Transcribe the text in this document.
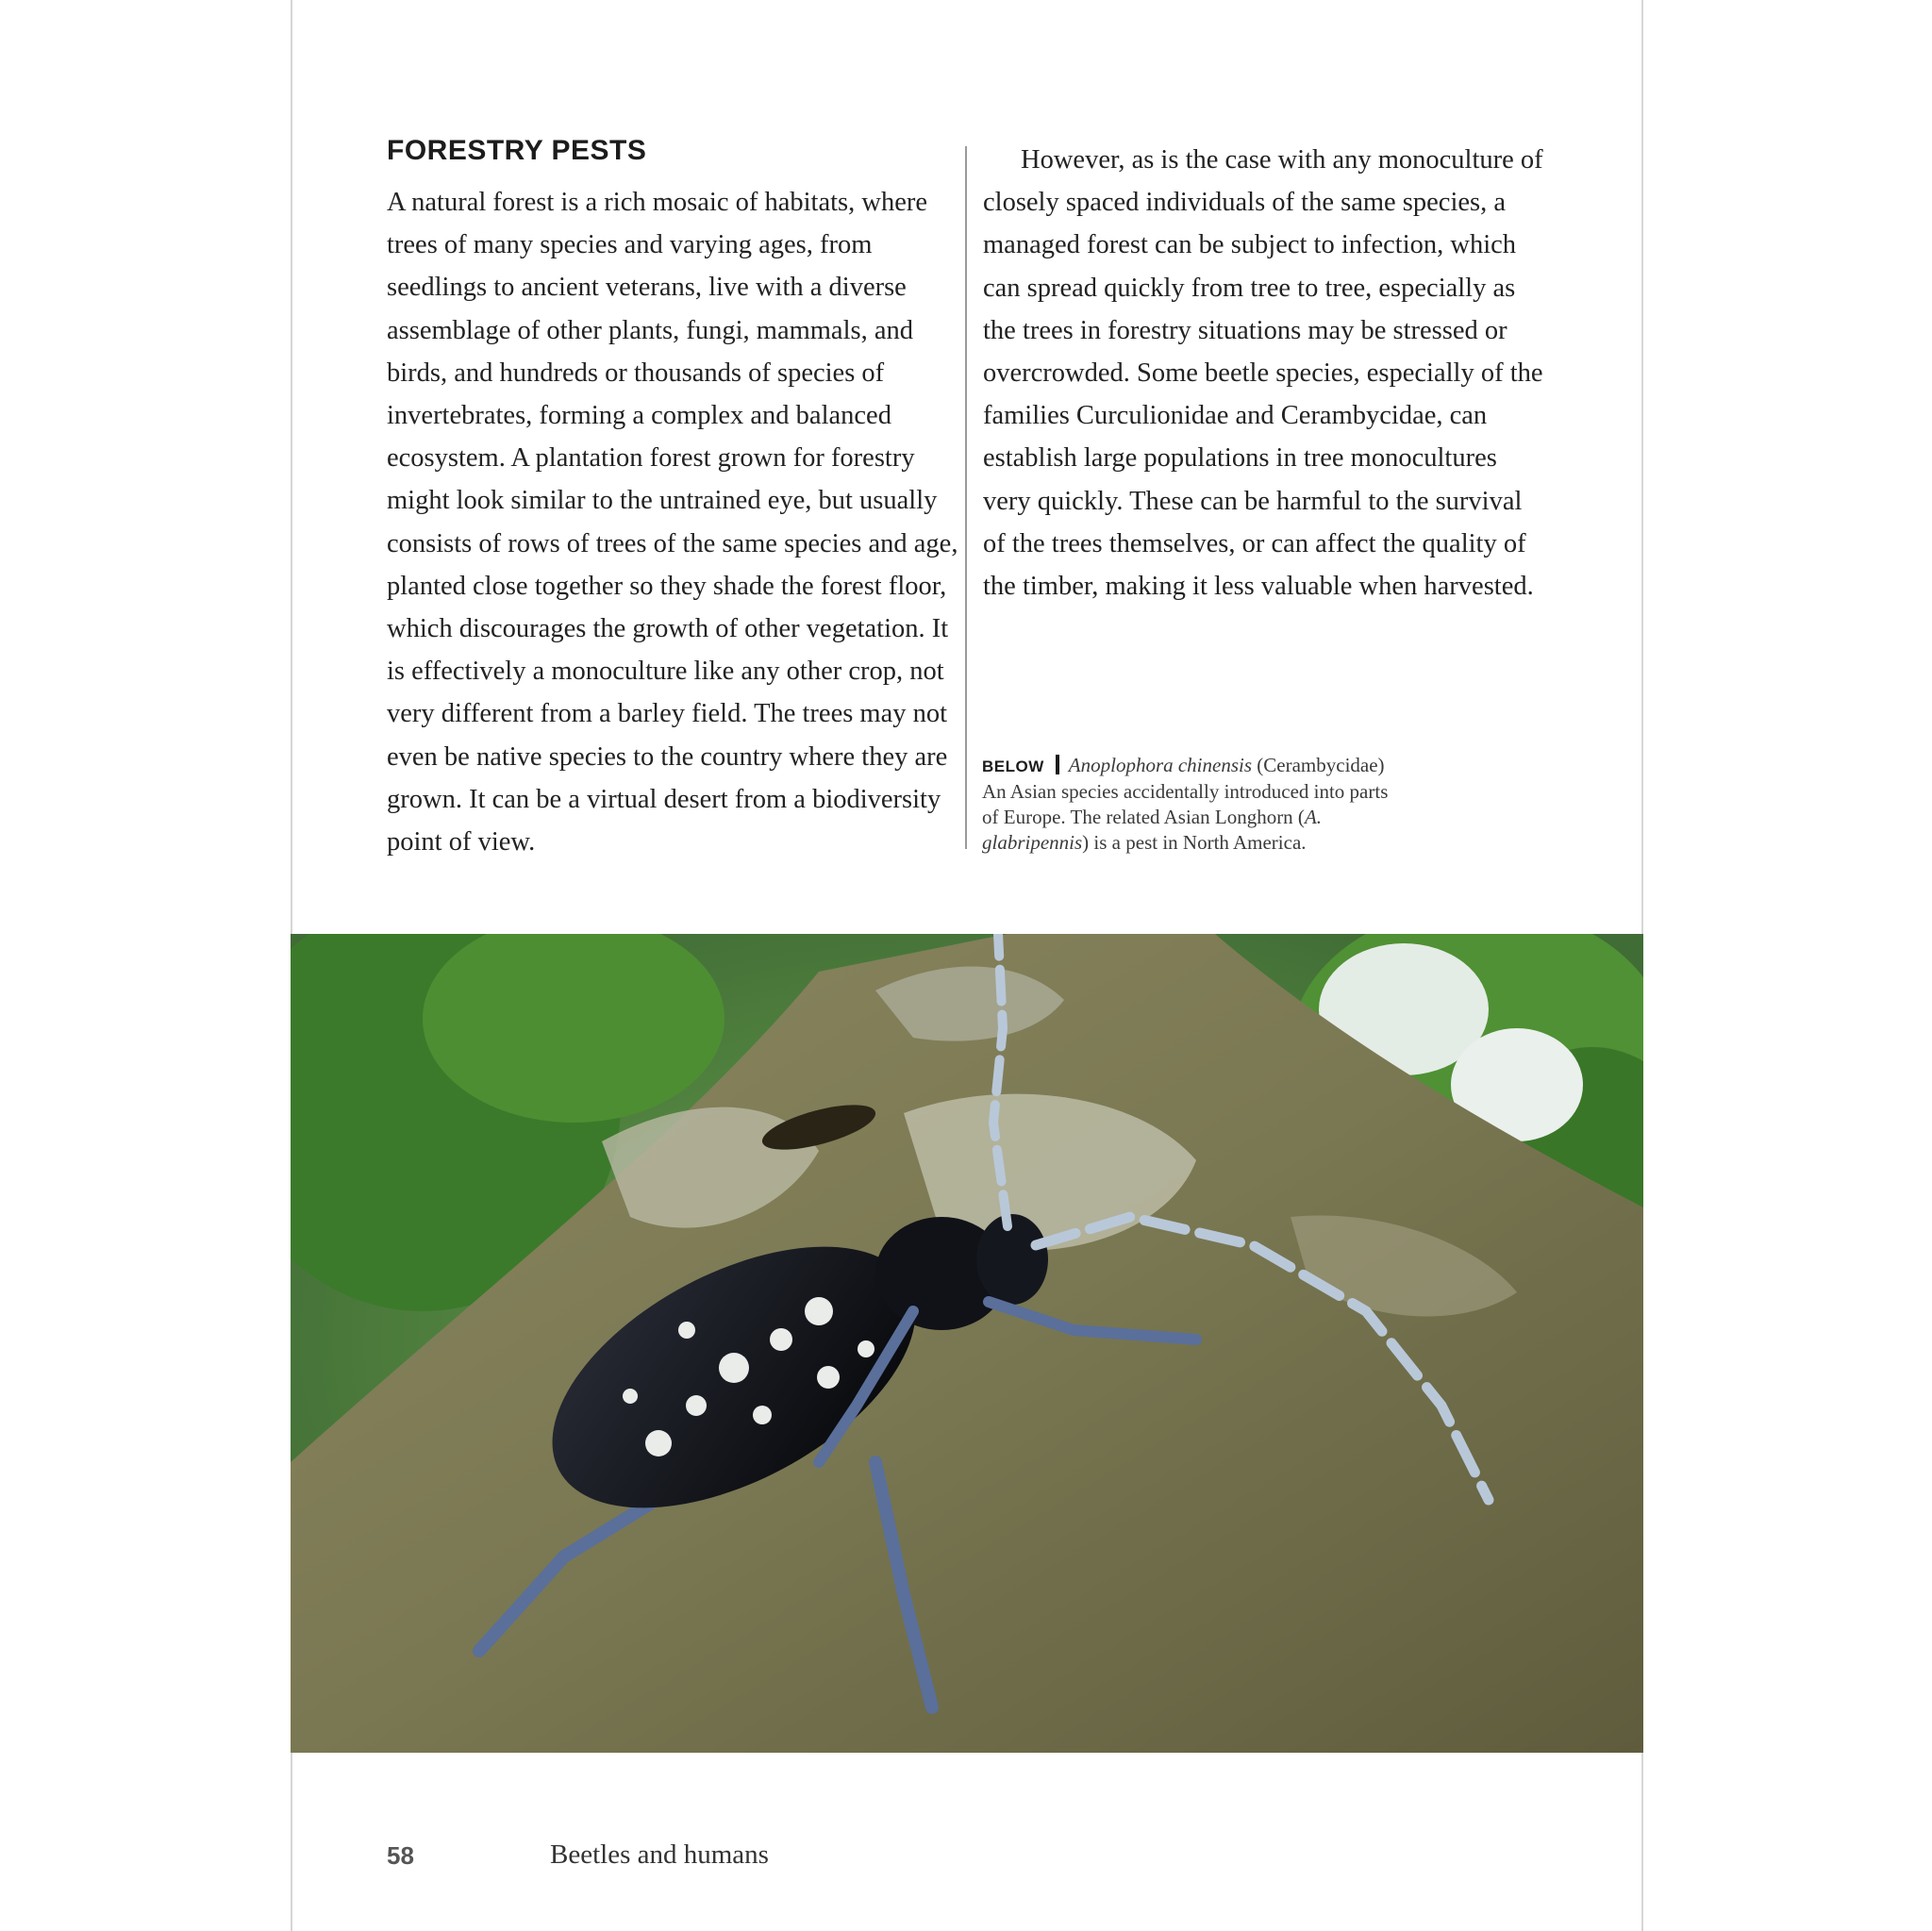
FORESTRY PESTS

A natural forest is a rich mosaic of habitats, where trees of many species and varying ages, from seedlings to ancient veterans, live with a diverse assemblage of other plants, fungi, mammals, and birds, and hundreds or thousands of species of invertebrates, forming a complex and balanced ecosystem. A plantation forest grown for forestry might look similar to the untrained eye, but usually consists of rows of trees of the same species and age, planted close together so they shade the forest floor, which discourages the growth of other vegetation. It is effectively a monoculture like any other crop, not very different from a barley field. The trees may not even be native species to the country where they are grown. It can be a virtual desert from a biodiversity point of view.

However, as is the case with any monoculture of closely spaced individuals of the same species, a managed forest can be subject to infection, which can spread quickly from tree to tree, especially as the trees in forestry situations may be stressed or overcrowded. Some beetle species, especially of the families Curculionidae and Cerambycidae, can establish large populations in tree monocultures very quickly. These can be harmful to the survival of the trees themselves, or can affect the quality of the timber, making it less valuable when harvested.

BELOW Anoplophora chinensis (Cerambycidae)
An Asian species accidentally introduced into parts of Europe. The related Asian Longhorn (A. glabripennis) is a pest in North America.

58	Beetles and humans
